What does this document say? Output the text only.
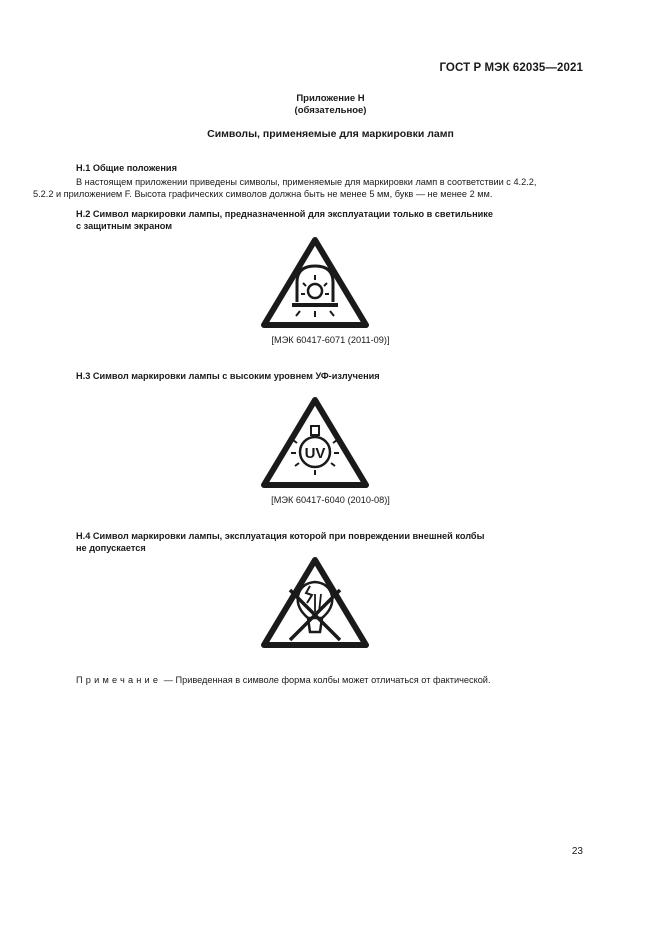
ГОСТ Р МЭК 62035—2021
Приложение Н
(обязательное)
Символы, применяемые для маркировки ламп
Н.1 Общие положения
В настоящем приложении приведены символы, применяемые для маркировки ламп в соответствии с 4.2.2,
5.2.2 и приложением F. Высота графических символов должна быть не менее 5 мм, букв — не менее 2 мм.
Н.2 Символ маркировки лампы, предназначенной для эксплуатации только в светильнике
с защитным экраном
[МЭК 60417-6071 (2011-09)]
Н.3 Символ маркировки лампы с высоким уровнем УФ-излучения
UV
[МЭК 60417-6040 (2010-08)]
Н.4 Символ маркировки лампы, эксплуатация которой при повреждении внешней колбы
не допускается
Примечание — Приведенная в символе форма колбы может отличаться от фактической.
23
